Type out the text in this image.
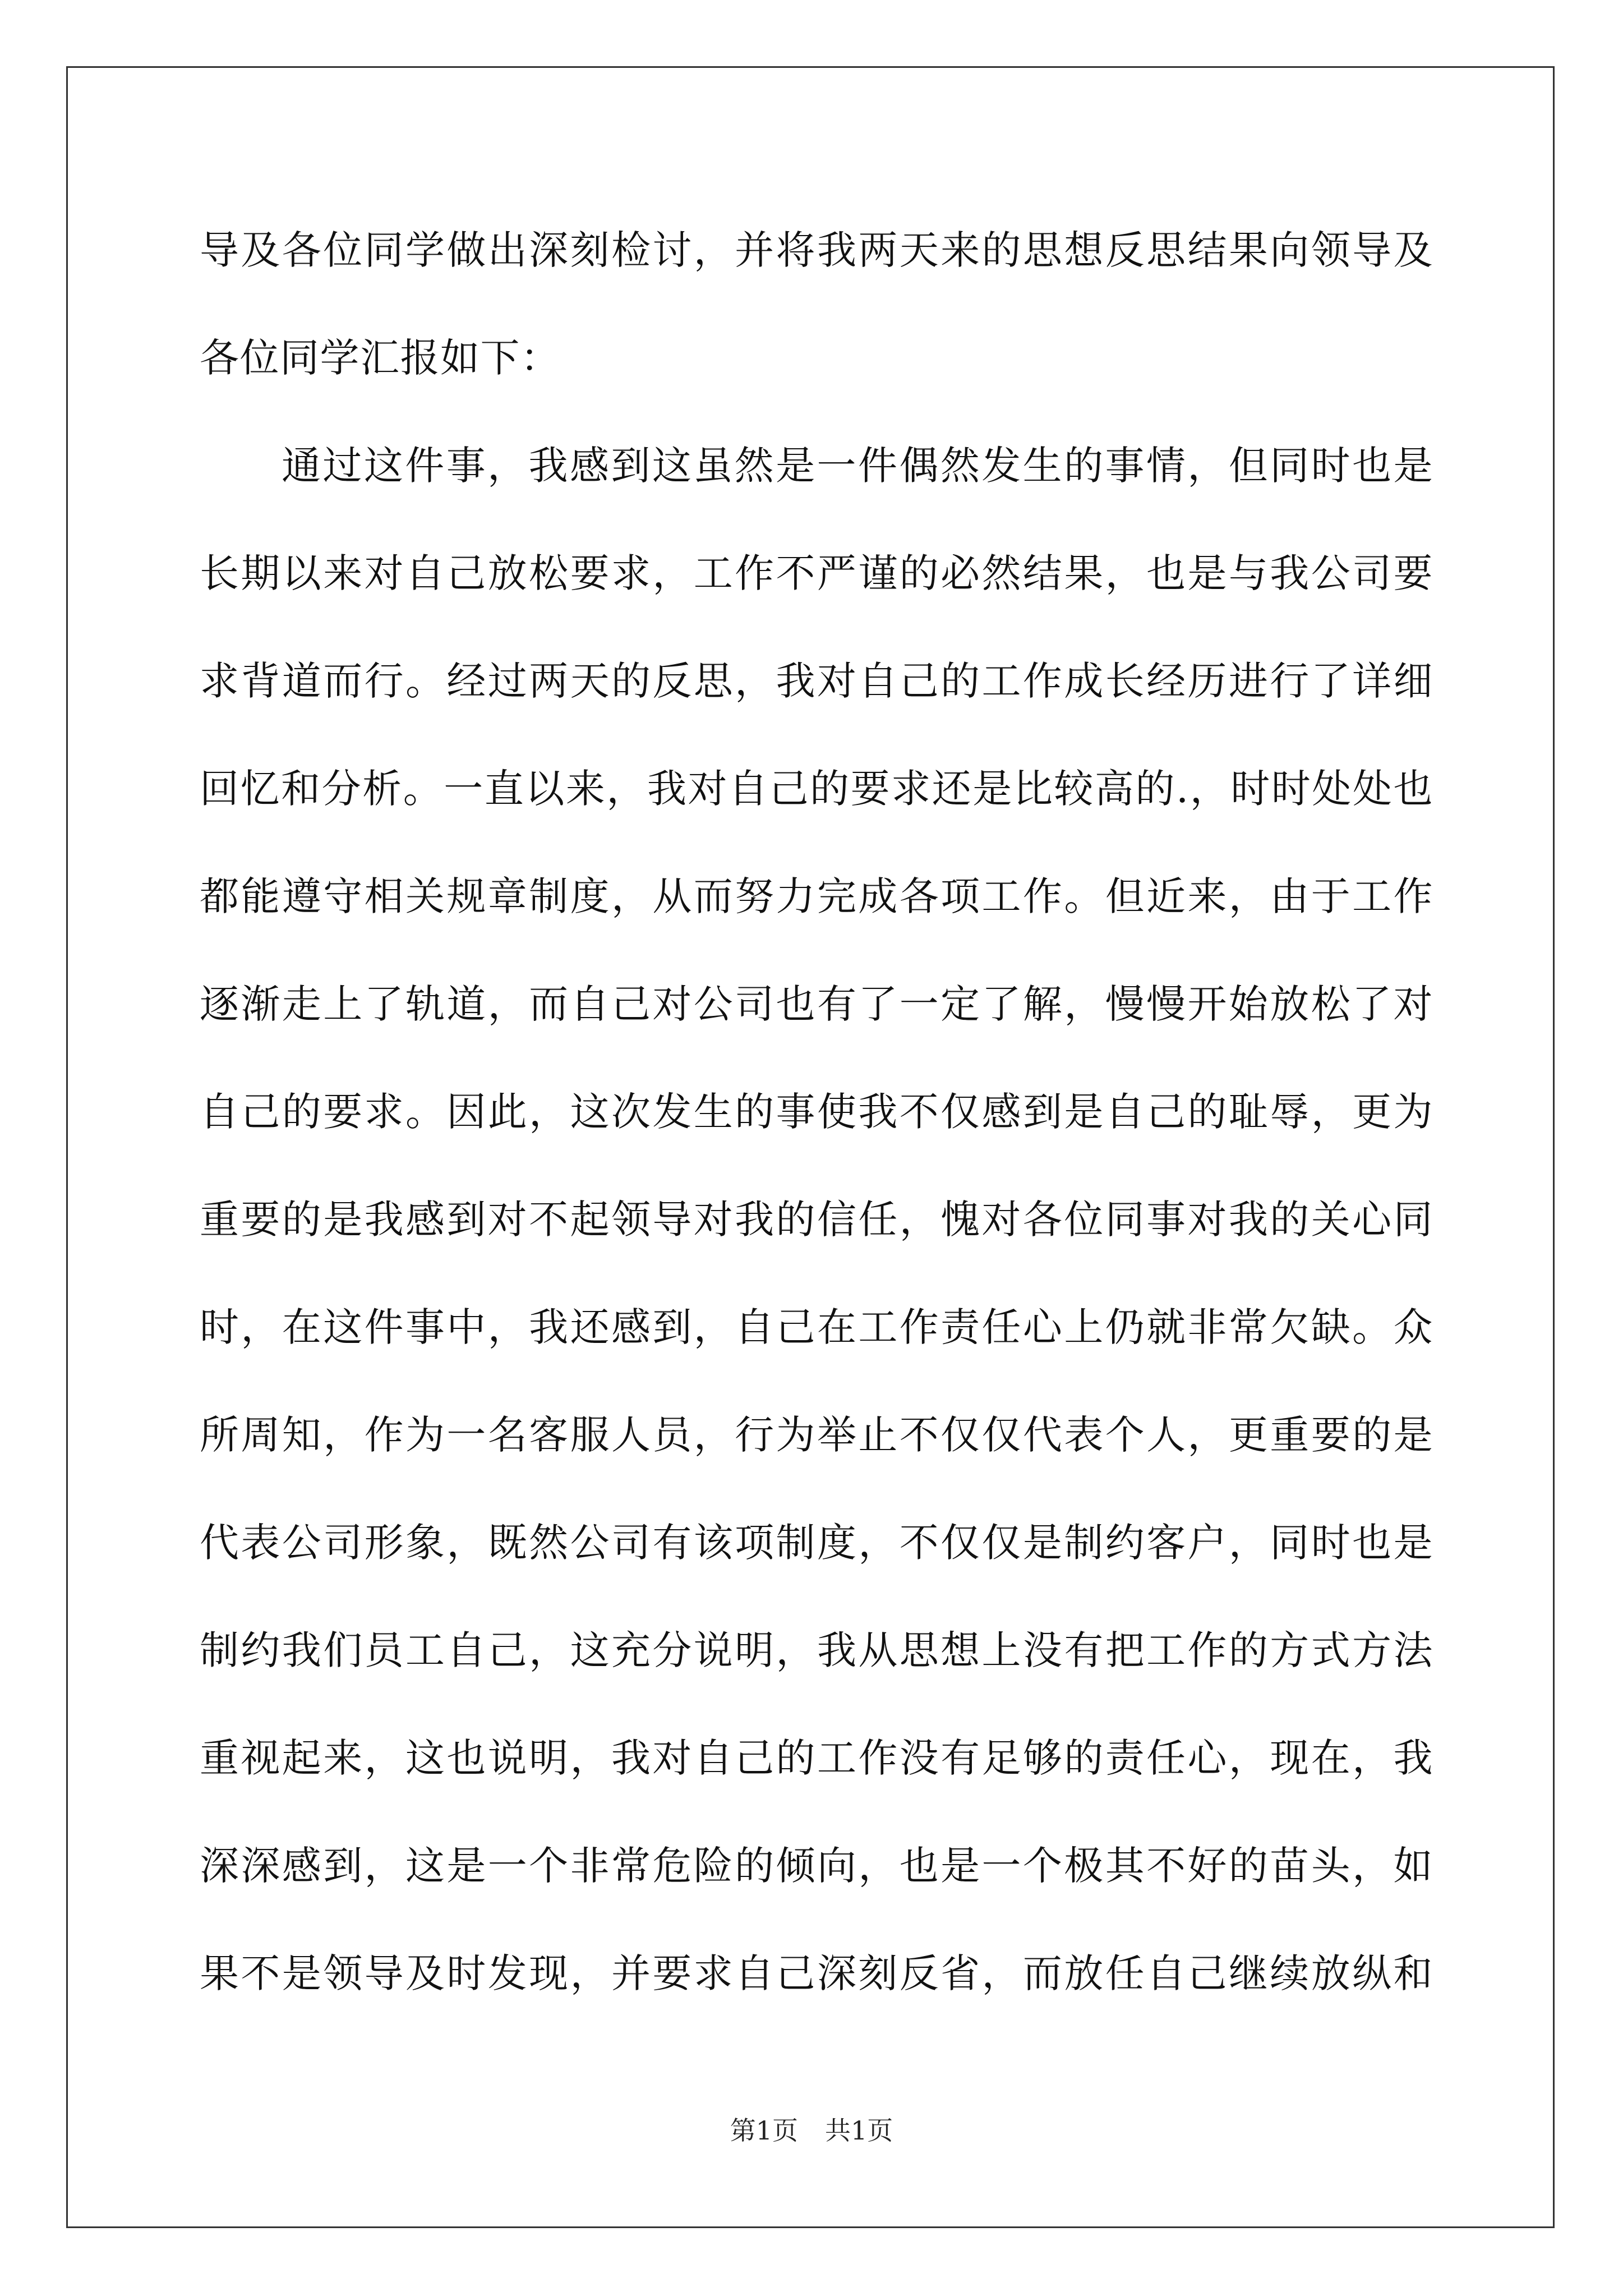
导及各位同学做出深刻检讨，并将我两天来的思想反思结果向领导及
各位同学汇报如下：
通过这件事，我感到这虽然是一件偶然发生的事情，但同时也是
长期以来对自己放松要求，工作不严谨的必然结果，也是与我公司要
求背道而行。经过两天的反思，我对自己的工作成长经历进行了详细
回忆和分析。一直以来，我对自己的要求还是比较高的.，时时处处也
都能遵守相关规章制度，从而努力完成各项工作。但近来，由于工作
逐渐走上了轨道，而自己对公司也有了一定了解，慢慢开始放松了对
自己的要求。因此，这次发生的事使我不仅感到是自己的耻辱，更为
重要的是我感到对不起领导对我的信任，愧对各位同事对我的关心同
时，在这件事中，我还感到，自己在工作责任心上仍就非常欠缺。众
所周知，作为一名客服人员，行为举止不仅仅代表个人，更重要的是
代表公司形象，既然公司有该项制度，不仅仅是制约客户，同时也是
制约我们员工自己，这充分说明，我从思想上没有把工作的方式方法
重视起来，这也说明，我对自己的工作没有足够的责任心，现在，我
深深感到，这是一个非常危险的倾向，也是一个极其不好的苗头，如
果不是领导及时发现，并要求自己深刻反省，而放任自己继续放纵和
第1页 共1页
